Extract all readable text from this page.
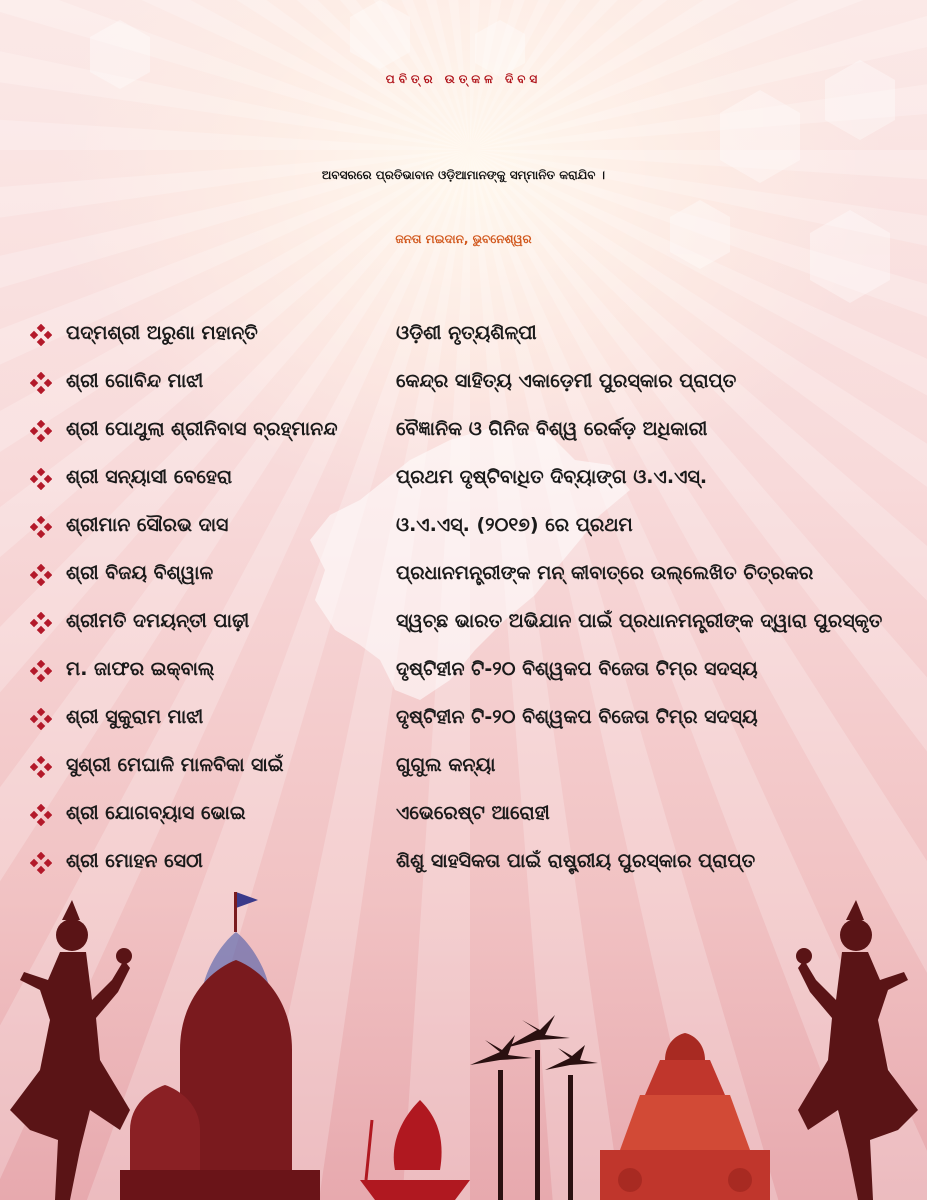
ପବିତ୍ର ଉତ୍କଳ ଦିବସ

ଅବସରରେ ପ୍ରତିଭାବାନ ଓଡ଼ିଆମାନଙ୍କୁ ସମ୍ମାନିତ କରାଯିବ ।

ଜନତା ମଇଦାନ, ଭୁବନେଶ୍ୱର

ପଦ୍ମଶ୍ରୀ ଅରୁଣା ମହାନ୍ତି	ଓଡ଼ିଶୀ ନୃତ୍ୟଶିଳ୍ପୀ
ଶ୍ରୀ ଗୋବିନ୍ଦ ମାଝୀ	କେନ୍ଦ୍ର ସାହିତ୍ୟ ଏକାଡ଼େମୀ ପୁରସ୍କାର ପ୍ରାପ୍ତ
ଶ୍ରୀ ପୋଥୁଲା ଶ୍ରୀନିବାସ ବ୍ରହ୍ମାନନ୍ଦ	ବୈଜ୍ଞାନିକ ଓ ଗିନିଜ ବିଶ୍ୱ ରେର୍କଡ଼ ଅଧିକାରୀ
ଶ୍ରୀ ସନ୍ୟାସୀ ବେହେରା	ପ୍ରଥମ ଦୃଷ୍ଟିବାଧିତ ଦିବ୍ୟାଙ୍ଗ ଓ.ଏ.ଏସ୍.
ଶ୍ରୀମାନ ସୌରଭ ଦାସ	ଓ.ଏ.ଏସ୍. (୨୦୧୭) ରେ ପ୍ରଥମ
ଶ୍ରୀ ବିଜୟ ବିଶ୍ୱାଳ	ପ୍ରଧାନମନ୍ତ୍ରୀଙ୍କ ମନ୍ କୀବାତ୍‌ରେ ଉଲ୍ଲେଖିତ ଚିତ୍ରକର
ଶ୍ରୀମତି ଦମୟନ୍ତୀ ପାଢ଼ୀ	ସ୍ୱଚ୍ଛ ଭାରତ ଅଭିଯାନ ପାଇଁ ପ୍ରଧାନମନ୍ତ୍ରୀଙ୍କ ଦ୍ୱାରା ପୁରସ୍କୃତ
ମ. ଜାଫର ଇକ୍‌ବାଲ୍	ଦୃଷ୍ଟିହୀନ ଟି-୨୦ ବିଶ୍ୱକପ ବିଜେତା ଟିମ୍‌ର ସଦସ୍ୟ
ଶ୍ରୀ ସୁକୁରାମ ମାଝୀ	ଦୃଷ୍ଟିହୀନ ଟି-୨୦ ବିଶ୍ୱକପ ବିଜେତା ଟିମ୍‌ର ସଦସ୍ୟ
ସୁଶ୍ରୀ ମେଘାଳି ମାଳବିକା ସାଇଁ	ଗୁଗୁଲ କନ୍ୟା
ଶ୍ରୀ ଯୋଗବ୍ୟାସ ଭୋଇ	ଏଭେରେଷ୍ଟ ଆରୋହୀ
ଶ୍ରୀ ମୋହନ ସେଠୀ	ଶିଶୁ ସାହସିକତା ପାଇଁ ରାଷ୍ଟ୍ରୀୟ ପୁରସ୍କାର ପ୍ରାପ୍ତ
